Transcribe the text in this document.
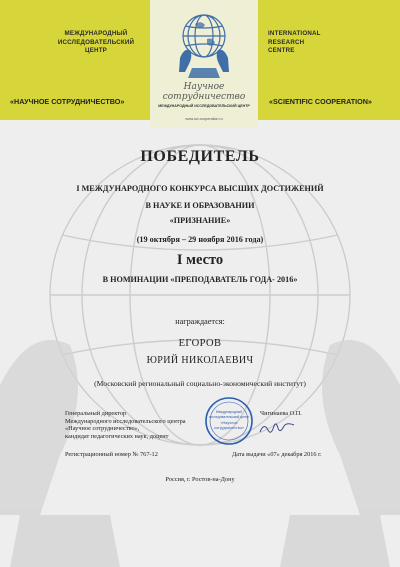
МЕЖДУНАРОДНЫЙ
ИССЛЕДОВАТЕЛЬСКИЙ
ЦЕНТР
INTERNATIONAL
RESEARCH
CENTRE
«НАУЧНОЕ СОТРУДНИЧЕСТВО»	«SCIENTIFIC COOPERATION»
Научное
сотрудничество
МЕЖДУНАРОДНЫЙ ИССЛЕДОВАТЕЛЬСКИЙ ЦЕНТР
www.sci-cooperation.ru
ПОБЕДИТЕЛЬ
I МЕЖДУНАРОДНОГО КОНКУРСА ВЫСШИХ ДОСТИЖЕНИЙ
В НАУКЕ И ОБРАЗОВАНИИ
«ПРИЗНАНИЕ»
(19 октября – 29 ноября 2016 года)
I место
В НОМИНАЦИИ «ПРЕПОДАВАТЕЛЬ ГОДА- 2016»
награждается:
ЕГОРОВ
ЮРИЙ НИКОЛАЕВИЧ
(Московский региональный социально-экономический институт)
Генеральный директор
Международного исследовательского центра
«Научное сотрудничество»,
кандидат педагогических наук, доцент
Международный
исследовательский центр
«Научное
сотрудничество»
Чигинаева О.П.
Регистрационный номер № 767-12	Дата выдачи «07» декабря 2016 г.
Россия, г. Ростов-на-Дону
